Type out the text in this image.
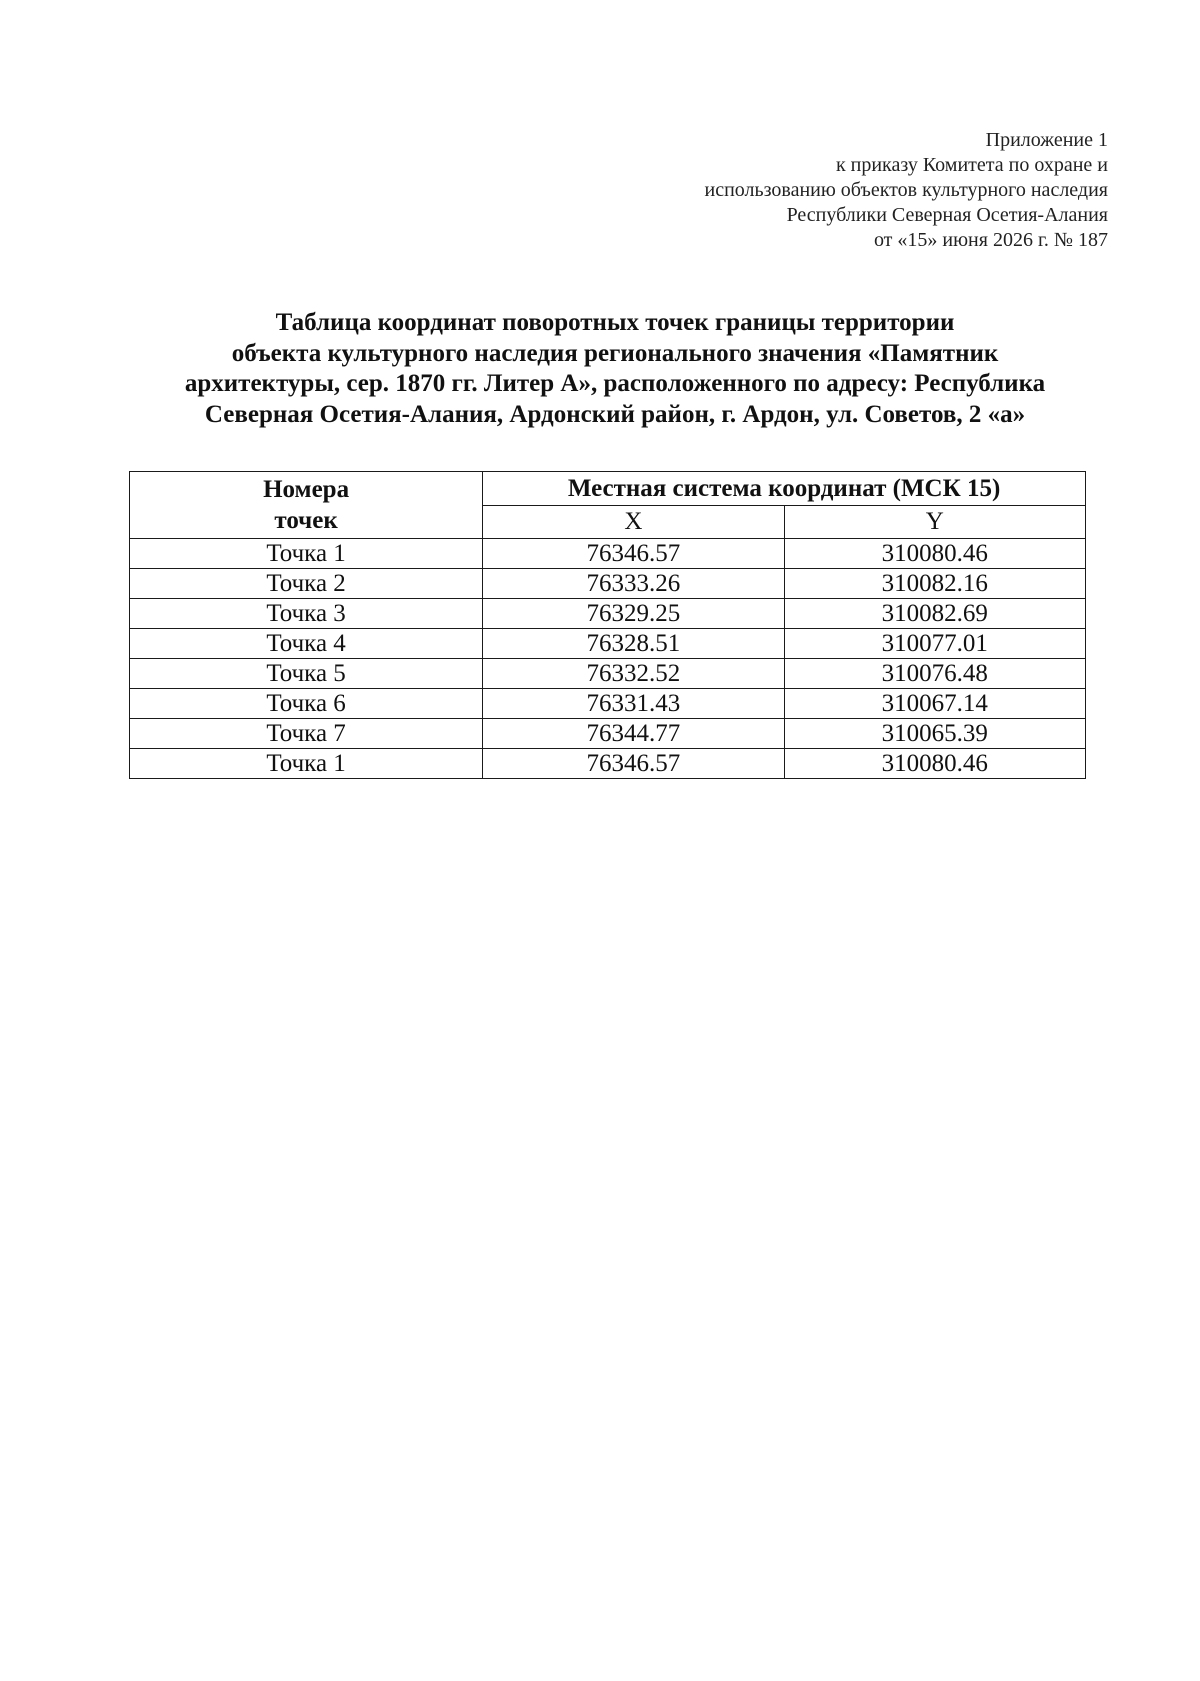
Приложение 1
к приказу Комитета по охране и
использованию объектов культурного наследия
Республики Северная Осетия-Алания
от «15» июня 2026 г. № 187
Таблица координат поворотных точек границы территории
объекта культурного наследия регионального значения «Памятник
архитектуры, сер. 1870 гг. Литер А», расположенного по адресу: Республика
Северная Осетия-Алания, Ардонский район, г. Ардон, ул. Советов, 2 «а»
Номера
точек	Местная система координат (МСК 15)	
	X	Y
Точка 1	76346.57	310080.46
Точка 2	76333.26	310082.16
Точка 3	76329.25	310082.69
Точка 4	76328.51	310077.01
Точка 5	76332.52	310076.48
Точка 6	76331.43	310067.14
Точка 7	76344.77	310065.39
Точка 1	76346.57	310080.46
